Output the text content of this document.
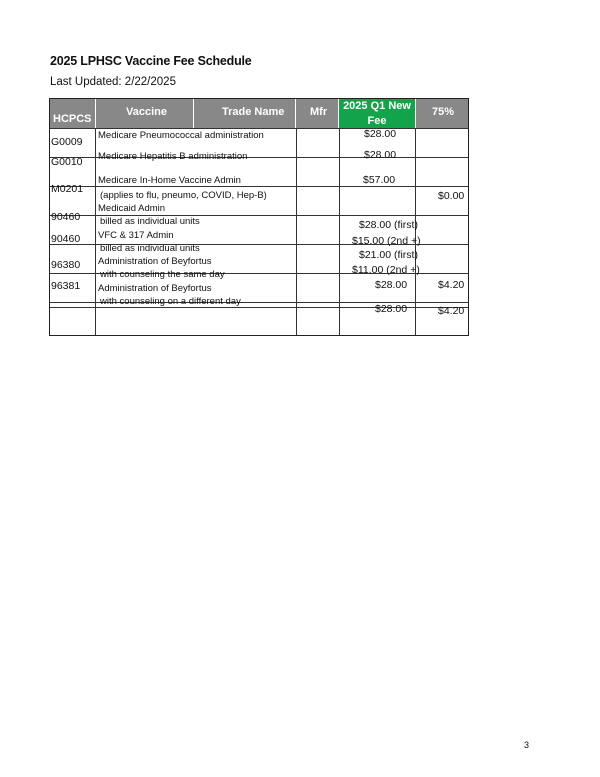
2025 LPHSC Vaccine Fee Schedule
Last Updated: 2/22/2025
HCPCS
Vaccine	Trade Name Mfr	2025 Q1 New
Fee
75%
G0009
G0010
M0201
90460
90460
96380
96381
Medicare Pneumococcal administration
Medicare Hepatitis B administration
Medicare In-Home Vaccine Admin
(applies to flu, pneumo, COVID, Hep-B)
Medicaid Admin
billed as individual units
VFC & 317 Admin
billed as individual units
Administration of Beyfortus
with counseling the same day
Administration of Beyfortus
with counseling on a different day
$28.00
$28.00
$57.00
$28.00 (first)
$15.00 (2nd +)
$21.00 (first)
$11.00 (2nd +)
$28.00
$28.00
$0.00
$4.20
$4.20
3
